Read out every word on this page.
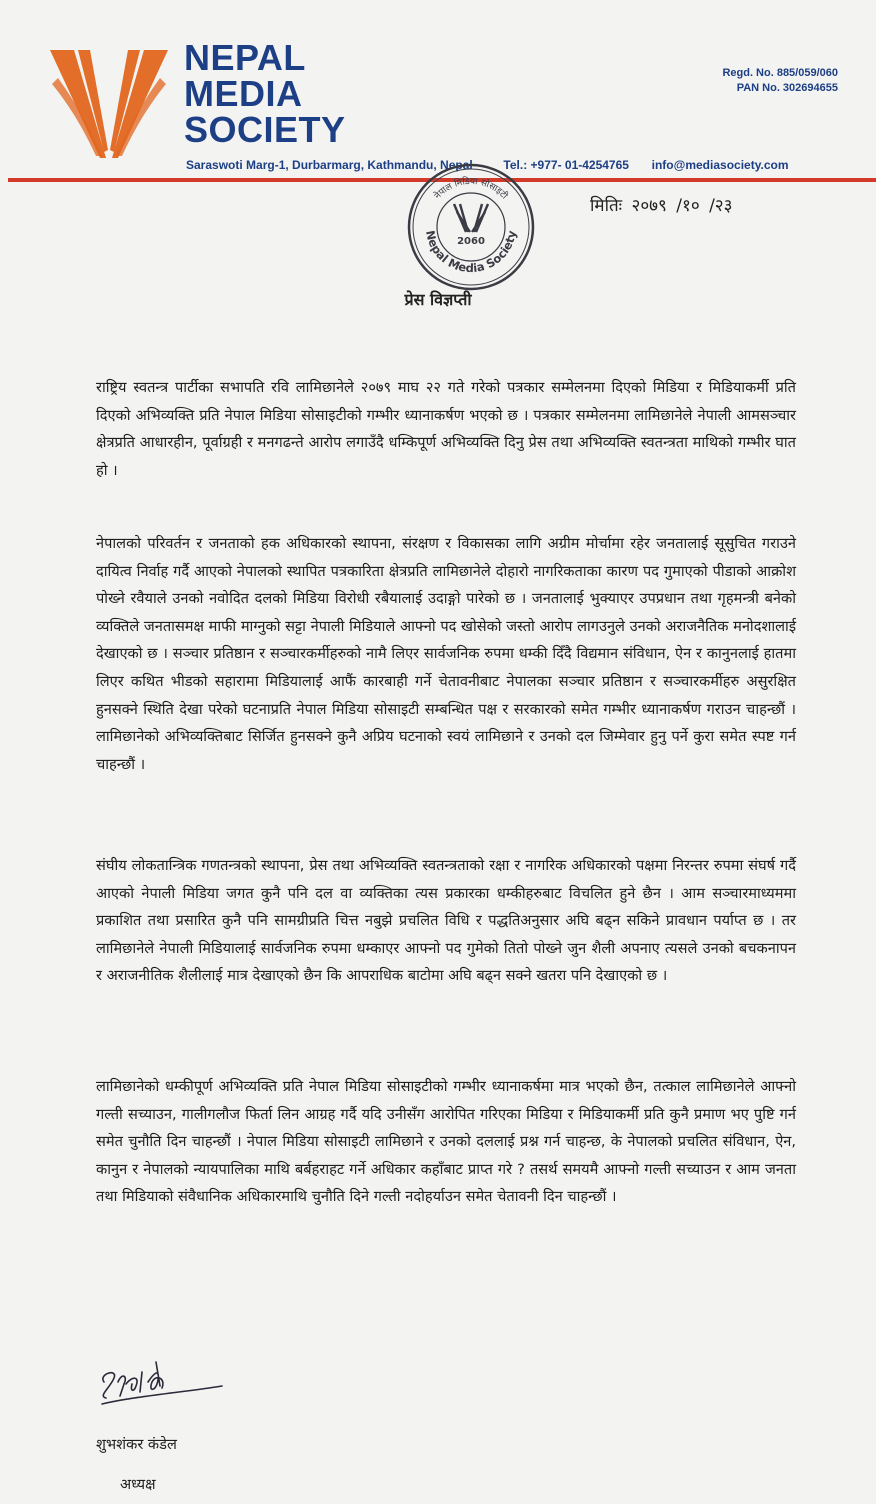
NEPAL
MEDIA
SOCIETY
Regd. No. 885/059/060
PAN No. 302694655
Saraswoti Marg-1, Durbarmarg, Kathmandu, Nepal	Tel.: +977- 01-4254765 info@mediasociety.com
2060
Nepal Media Society
नेपाल मिडिया सोसाइटी
मितिः २०७९ /१० /२३
प्रेस विज्ञप्ती
राष्ट्रिय स्वतन्त्र पार्टीका सभापति रवि लामिछानेले २०७९ माघ २२ गते गरेको पत्रकार सम्मेलनमा दिएको मिडिया र मिडियाकर्मी प्रति दिएको अभिव्यक्ति प्रति नेपाल मिडिया सोसाइटीको गम्भीर ध्यानाकर्षण भएको छ । पत्रकार सम्मेलनमा लामिछानेले नेपाली आमसञ्चार क्षेत्रप्रति आधारहीन, पूर्वाग्रही र मनगढन्ते आरोप लगाउँदै धम्किपूर्ण अभिव्यक्ति दिनु प्रेस तथा अभिव्यक्ति स्वतन्त्रता माथिको गम्भीर घात हो ।
नेपालको परिवर्तन र जनताको हक अधिकारको स्थापना, संरक्षण र विकासका लागि अग्रीम मोर्चामा रहेर जनतालाई सूसुचित गराउने दायित्व निर्वाह गर्दै आएको नेपालको स्थापित पत्रकारिता क्षेत्रप्रति लामिछानेले दोहारो नागरिकताका कारण पद गुमाएको पीडाको आक्रोश पोख्ने रवैयाले उनको नवोदित दलको मिडिया विरोधी रबैयालाई उदाङ्गो पारेको छ । जनतालाई भुक्याएर उपप्रधान तथा गृहमन्त्री बनेको व्यक्तिले जनतासमक्ष माफी माग्नुको सट्टा नेपाली मिडियाले आफ्नो पद खोसेको जस्तो आरोप लागउनुले उनको अराजनैतिक मनोदशालाई देखाएको छ । सञ्चार प्रतिष्ठान र सञ्चारकर्मीहरुको नामै लिएर सार्वजनिक रुपमा धम्की दिँदै विद्यमान संविधान, ऐन र कानुनलाई हातमा लिएर कथित भीडको सहारामा मिडियालाई आफैं कारबाही गर्ने चेतावनीबाट नेपालका सञ्चार प्रतिष्ठान र सञ्चारकर्मीहरु असुरक्षित हुनसक्ने स्थिति देखा परेको घटनाप्रति नेपाल मिडिया सोसाइटी सम्बन्धित पक्ष र सरकारको समेत गम्भीर ध्यानाकर्षण गराउन चाहन्छौं । लामिछानेको अभिव्यक्तिबाट सिर्जित हुनसक्ने कुनै अप्रिय घटनाको स्वयं लामिछाने र उनको दल जिम्मेवार हुनु पर्ने कुरा समेत स्पष्ट गर्न चाहन्छौं ।
संघीय लोकतान्त्रिक गणतन्त्रको स्थापना, प्रेस तथा अभिव्यक्ति स्वतन्त्रताको रक्षा र नागरिक अधिकारको पक्षमा निरन्तर रुपमा संघर्ष गर्दै आएको नेपाली मिडिया जगत कुनै पनि दल वा व्यक्तिका त्यस प्रकारका धम्कीहरुबाट विचलित हुने छैन । आम सञ्चारमाध्यममा प्रकाशित तथा प्रसारित कुनै पनि सामग्रीप्रति चित्त नबुझे प्रचलित विधि र पद्धतिअनुसार अघि बढ्न सकिने प्रावधान पर्याप्त छ । तर लामिछानेले नेपाली मिडियालाई सार्वजनिक रुपमा धम्काएर आफ्नो पद गुमेको तितो पोख्ने जुन शैली अपनाए त्यसले उनको बचकनापन र अराजनीतिक शैलीलाई मात्र देखाएको छैन कि आपराधिक बाटोमा अघि बढ्न सक्ने खतरा पनि देखाएको छ ।
लामिछानेको धम्कीपूर्ण अभिव्यक्ति प्रति नेपाल मिडिया सोसाइटीको गम्भीर ध्यानाकर्षमा मात्र भएको छैन, तत्काल लामिछानेले आफ्नो गल्ती सच्याउन, गालीगलौज फिर्ता लिन आग्रह गर्दै यदि उनीसँग आरोपित गरिएका मिडिया र मिडियाकर्मी प्रति कुनै प्रमाण भए पुष्टि गर्न समेत चुनौति दिन चाहन्छौं । नेपाल मिडिया सोसाइटी लामिछाने र उनको दललाई प्रश्न गर्न चाहन्छ, के नेपालको प्रचलित संविधान, ऐन, कानुन र नेपालको न्यायपालिका माथि बर्बहराहट गर्ने अधिकार कहाँबाट प्राप्त गरे ? तसर्थ समयमै आफ्नो गल्ती सच्याउन र आम जनता तथा मिडियाको संवैधानिक अधिकारमाथि चुनौति दिने गल्ती नदोहर्याउन समेत चेतावनी दिन चाहन्छौं ।
शुभशंकर कंडेल
अध्यक्ष
